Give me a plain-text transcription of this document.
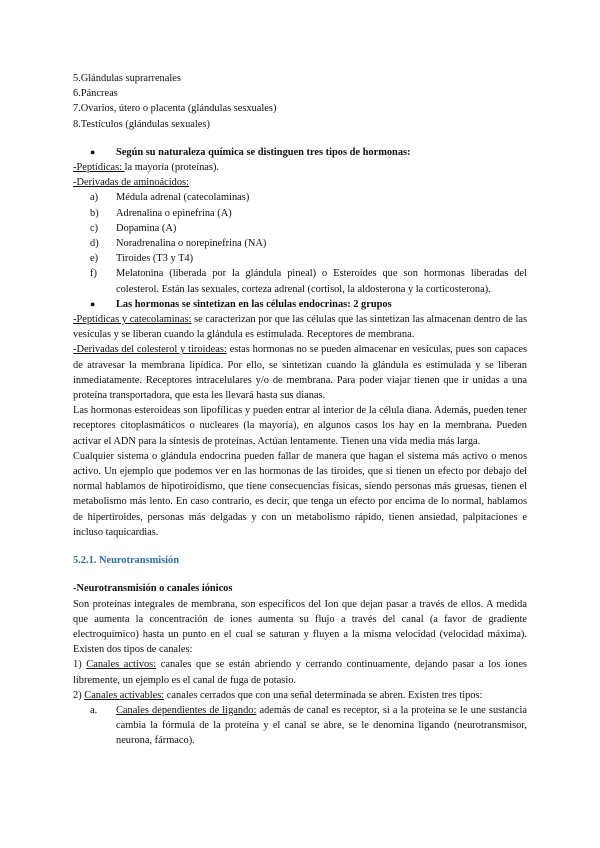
5.Glándulas suprarrenales

6.Páncreas

7.Ovarios, útero o placenta (glándulas sesxuales)

8.Testículos (glándulas sexuales)

● Según su naturaleza química se distinguen tres tipos de hormonas:

-Peptídicas: la mayoría (proteínas).

-Derivadas de aminoácidos:

a) Médula adrenal (catecolaminas)

b) Adrenalina o epinefrina (A)

c) Dopamina (A)

d) Noradrenalina o norepinefrina (NA)

e) Tiroides (T3 y T4)

f) Melatonina (liberada por la glándula pineal) o Esteroides que son hormonas liberadas del colesterol. Están las sexuales, corteza adrenal (cortisol, la aldosterona y la corticosterona).

● Las hormonas se sintetizan en las células endocrinas: 2 grupos

-Peptídicas y catecolaminas: se caracterizan por que las células que las sintetizan las almacenan dentro de las vesículas y se liberan cuando la glándula es estimulada. Receptores de membrana.

-Derivadas del colesterol y tiroideas: estas hormonas no se pueden almacenar en vesículas, pues son capaces de atravesar la membrana lipídica. Por ello, se sintetizan cuando la glándula es estimulada y se liberan inmediatamente. Receptores intracelulares y/o de membrana. Para poder viajar tienen que ir unidas a una proteína transportadora, que esta les llevará hasta sus dianas.

Las hormonas esteroideas son lipofílicas y pueden entrar al interior de la célula diana. Además, pueden tener receptores citoplasmáticos o nucleares (la mayoría), en algunos casos los hay en la membrana. Pueden activar el ADN para la síntesis de proteínas. Actúan lentamente. Tienen una vida media más larga.

Cualquier sistema o glándula endocrina pueden fallar de manera que hagan el sistema más activo o menos activo. Un ejemplo que podemos ver en las hormonas de las tiroides, que si tienen un efecto por debajo del normal hablamos de hipotiroidismo, que tiene consecuencias físicas, siendo personas más gruesas, tienen el metabolismo más lento. En caso contrario, es decir, que tenga un efecto por encima de lo normal, hablamos de hipertiroides, personas más delgadas y con un metabolismo rápido, tienen ansiedad, palpitaciones e incluso taquicardias.

5.2.1. Neurotransmisión

-Neurotransmisión o canales iónicos

Son proteínas integrales de membrana, son específicos del Ion que dejan pasar a través de ellos. A medida que aumenta la concentración de iones aumenta su flujo a través del canal (a favor de gradiente electroquímico) hasta un punto en el cual se saturan y fluyen a la misma velocidad (velocidad máxima). Existen dos tipos de canales:

1) Canales activos: canales que se están abriendo y cerrando continuamente, dejando pasar a los iones libremente, un ejemplo es el canal de fuga de potasio.

2) Canales activables: canales cerrados que con una señal determinada se abren. Existen tres tipos:

a. Canales dependientes de ligando: además de canal es receptor, si a la proteína se le une sustancia cambia la fórmula de la proteína y el canal se abre, se le denomina ligando (neurotransmisor, neurona, fármaco).
